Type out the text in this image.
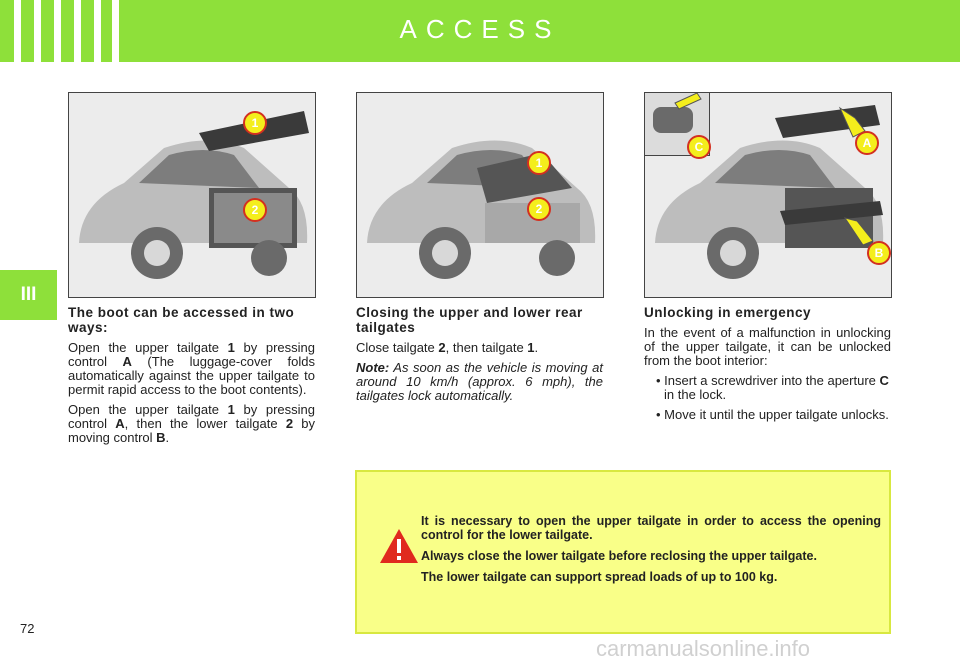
ACCESS
III
1
2
1
2
C	A
B
The boot can be accessed in two ways:

Open the upper tailgate 1 by pressing control A (The luggage-cover folds automatically against the upper tailgate to permit rapid access to the boot contents).

Open the upper tailgate 1 by pressing control A, then the lower tailgate 2 by moving control B.

Closing the upper and lower rear tailgates

Close tailgate 2, then tailgate 1.

Note: As soon as the vehicle is moving at around 10 km/h (approx. 6 mph), the tailgates lock automatically.

Unlocking in emergency

In the event of a malfunction in unlocking of the upper tailgate, it can be unlocked from the boot interior:

• Insert a screwdriver into the aperture C in the lock.
• Move it until the upper tailgate unlocks.

It is necessary to open the upper tailgate in order to access the opening control for the lower tailgate.

Always close the lower tailgate before reclosing the upper tailgate.

The lower tailgate can support spread loads of up to 100 kg.

72
carmanualsonline.info
